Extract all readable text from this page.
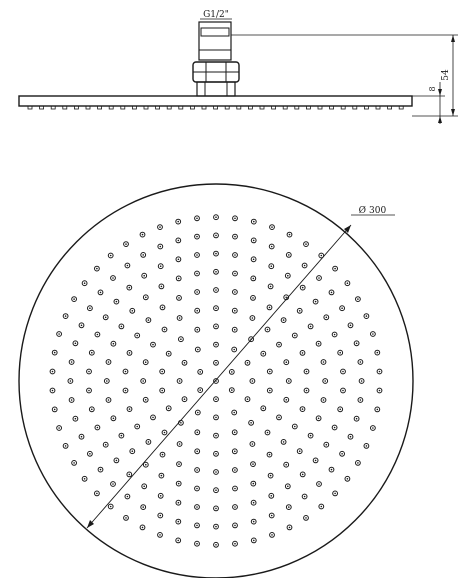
G1/2"
54
8
Ø 300
